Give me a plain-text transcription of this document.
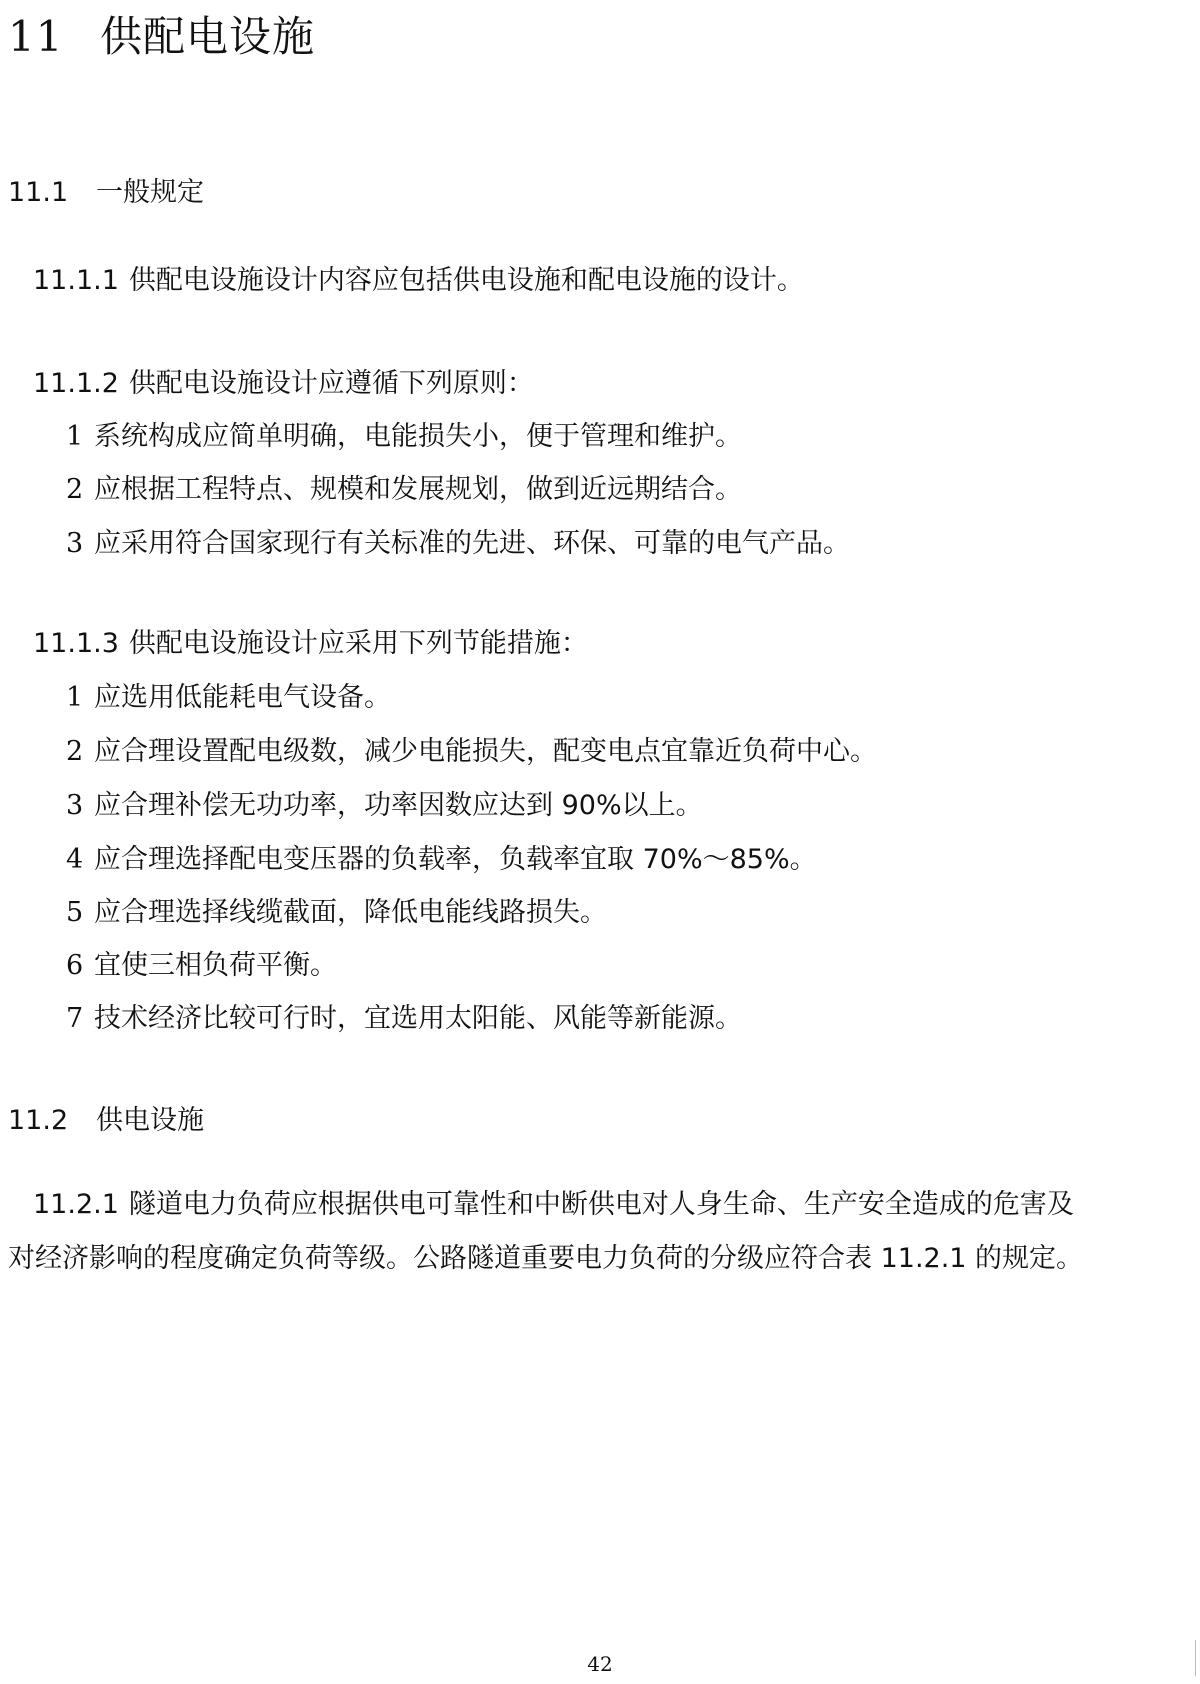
11 供配电设施
11.1 一般规定
11.1.1 供配电设施设计内容应包括供电设施和配电设施的设计。
11.1.2 供配电设施设计应遵循下列原则：
1 系统构成应简单明确，电能损失小，便于管理和维护。
2 应根据工程特点、规模和发展规划，做到近远期结合。
3 应采用符合国家现行有关标准的先进、环保、可靠的电气产品。
11.1.3 供配电设施设计应采用下列节能措施：
1 应选用低能耗电气设备。
2 应合理设置配电级数，减少电能损失，配变电点宜靠近负荷中心。
3 应合理补偿无功功率，功率因数应达到 90%以上。
4 应合理选择配电变压器的负载率，负载率宜取 70%～85%。
5 应合理选择线缆截面，降低电能线路损失。
6 宜使三相负荷平衡。
7 技术经济比较可行时，宜选用太阳能、风能等新能源。
11.2 供电设施
11.2.1 隧道电力负荷应根据供电可靠性和中断供电对人身生命、生产安全造成的危害及
对经济影响的程度确定负荷等级。公路隧道重要电力负荷的分级应符合表 11.2.1 的规定。
42
